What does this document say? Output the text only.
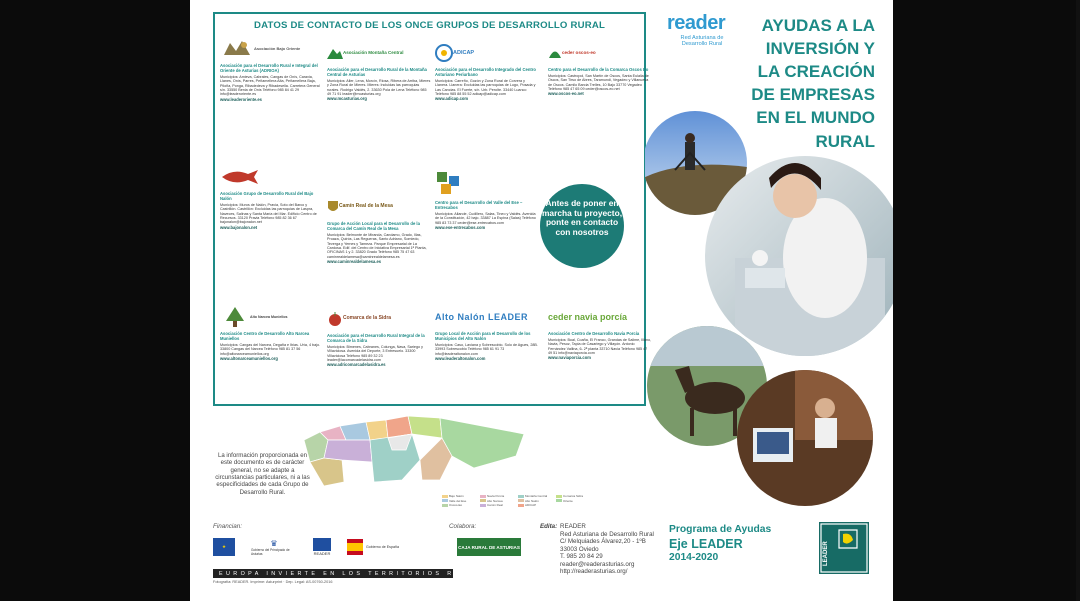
DATOS DE CONTACTO DE LOS ONCE GRUPOS DE DESARROLLO RURAL
Asociación Bajo Oriente
Asociación para el Desarrollo Rural e Integral del Oriente de Asturias (ADRIOA)
Municipios: Amieva, Cabrales, Cangas de Onís, Caravia, Llanes, Onís, Parres, Peñamellera Alta, Peñamellera Baja, Piloña, Ponga, Ribadedeva y Ribadesella. Carretera General s/n. 33550 Benia de Onís Teléfono 985 84 41 29 info@leaderoriente.es
www.leaderoriente.es
Asociación Grupo de Desarrollo Rural del Bajo Nalón
Municipios: Muros de Nalón, Pravia, Soto del Barco y Castrillón. Castrillón: Excluidas las parroquias de Laspra, Naveces, Salinas y Santa María del Mar. Edificio Centro de Recursos. 33120 Pravia Teléfono 985 82 36 67 bajonalon@bajonalon.net
www.bajonalon.net
Alto Narcea Muniellos
Asociación Centro de Desarrollo Alto Narcea Muniellos
Municipios: Cangas del Narcea, Degaña e Ibias. Uría, 4 bajo. 33800 Cangas del Narcea Teléfono 985 81 37 56 info@altonarceamuniellos.org
www.altonarceamuniellos.org
Asociación Montaña Central
Asociación para el Desarrollo Rural de la Montaña Central de Asturias
Municipios: Aller, Lena, Morcín, Riosa, Ribera de Arriba, Mieres y Zona Rural de Mieres. Mieres: Incluidas las parroquias rurales. Rodrigo Valdés, 2. 33630 Pola de Lena Teléfono 985 49 71 91 leader@mcasturias.org
www.mcasturias.org
Camín Real de la Mesa
Grupo de Acción Local para el Desarrollo de la Comarca del Camín Real de la Mesa
Municipios: Belmonte de Miranda, Candamo, Grado, Illas, Proaza, Quirós, Las Regueras, Santo Adriano, Somiedo, Teverga y Yernes y Tameza. Parque Empresarial de La Cardosa. Edif. del Centro de Iniciativa Empresarial 1ª Planta, OFICINAS 1 y 2. 33820 Grado Teléfono 985 75 47 63 caminrealdelamesa@caminrealdelamesa.es
www.caminrealdelamesa.es
Comarca de la Sidra
Asociación para el Desarrollo Rural Integral de la Comarca de la Sidra
Municipios: Bimenes, Cabranes, Colunga, Nava, Sariego y Villaviciosa. Avenida del Deporte, 3 Entresuelo. 33300 Villaviciosa Teléfono 985 89 32 23 leader@lacomarcadelasidra.com
www.adricomarcadelasidra.es
ADICAP
Asociación para el Desarrollo Integrado del Centro Asturiano Periurbano
Municipios: Carreño, Gozón y Zona Rural de Corvera y Llanera. Llanera: Excluidas las parroquias de Lugo, Posada y Las Cancias. El Fuerte, s/n. Urb. Perolte. 33440 Luanco Teléfono 985 88 55 52 adicap@adicap.com
www.adicap.com
Centro para el Desarrollo del Valle del Ese – Entrecabos
Municipios: Allande, Cudillero, Salas, Tineo y Valdés. Avenida de la Constitución, 42 bajo. 33887 La Espina (Salas) Teléfono 985 83 73 37 ceder@ese-entrecabos.com
www.ese-entrecabos.com
Alto Nalón LEADER
Grupo Local de Acción para el Desarrollo de los Municipios del Alto Nalón
Municipios: Caso, Laviana y Sobrescobio. Solo de Agues, 28B. 33993 Sobrescobio Teléfono 985 61 91 73 info@leaderaltonalon.com
www.leaderaltonalon.com
ceder oscos-eo
Centro para el Desarrollo de la Comarca Oscos Eo
Municipios: Castropol, San Martín de Oscos, Santa Eulalia de Oscos, San Tirso de Abres, Taramundi, Vegadeo y Villanueva de Oscos. Camilo Barcia Trelles, 10 Bajo 33770 Vegadeo Teléfono 985 47 65 09 ceder@oscos-eo.net
www.oscos-eo.net
ceder navia porcía
Asociación Centro de Desarrollo Navia Porcía
Municipios: Boal, Coaña, El Franco, Grandas de Salime, Illano, Navia, Pesoz, Tapia de Casariego y Villayón. Antonio Fernández Vallina, 6- 2ª planta 33710 Navia Teléfono 985 47 49 51 info@naviaporcia.com
www.naviaporcia.com
Antes de poner en marcha tu proyecto, ponte en contacto con nosotros
La información proporcionada en este documento es de carácter general, no se adapte a circunstancias particulares, ni a las especificidades de cada Grupo de Desarrollo Rural.
Bajo Nalón
Valle del Ese
Oscos-Eo
Navia Porcía
Alto Narcea
Camín Real
Montaña Central
Alto Nalón
ADICAP
Comarca Sidra
Oriente
reader
Red Asturiana de
Desarrollo Rural
AYUDAS A LA
INVERSIÓN Y
LA CREACIÓN
DE EMPRESAS
EN EL MUNDO
RURAL
Financian:	Colabora:
★	♛
Gobierno del Principado de Asturias	READER
Gobierno de España	CAJA RURAL DE ASTURIAS
EUROPA INVIERTE EN LOS TERRITORIOS RURALES
Fotografía: READER. Imprime: Asturprint · Dep. Legal: AS-00760-2016
Edita: READER
Red Asturiana de Desarrollo Rural
C/ Melquiades Álvarez,20 - 1ºB
33003 Oviedo
T. 985 20 84 29
reader@readerasturias.org
http://readerasturias.org/
Programa de Ayudas
Eje LEADER
2014-2020	LEADER
